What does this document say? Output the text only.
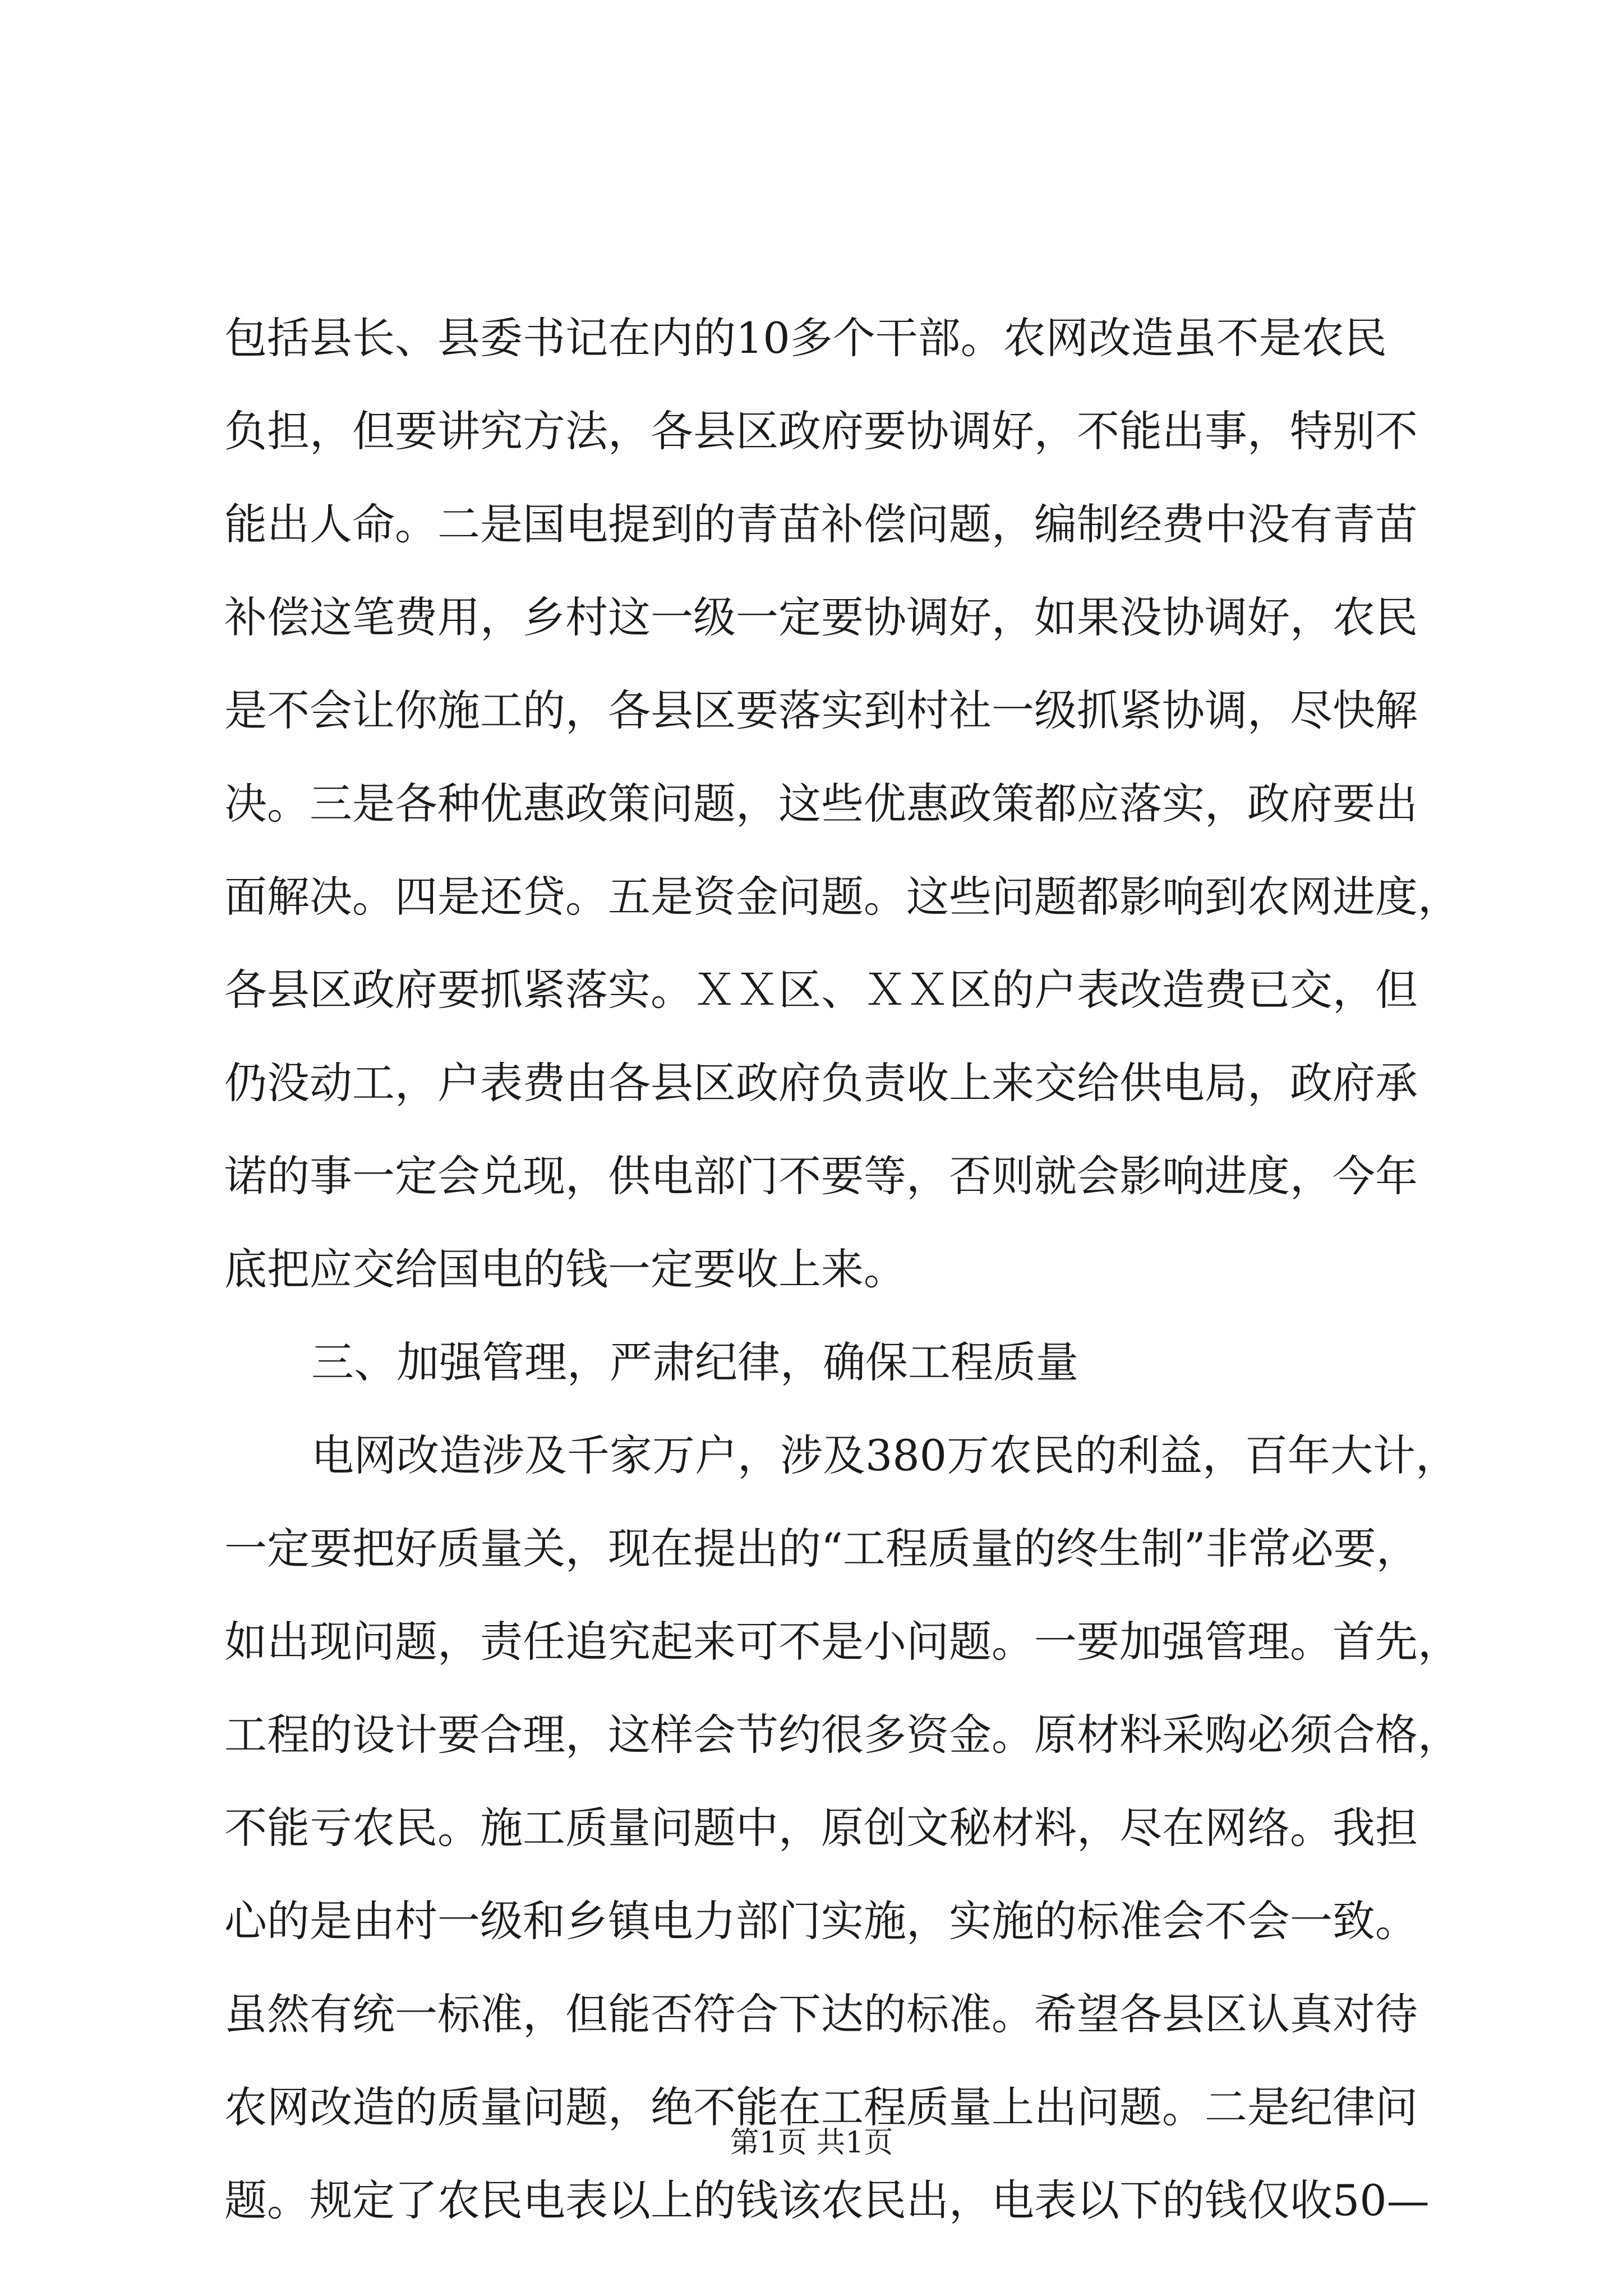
包括县长、县委书记在内的10多个干部。农网改造虽不是农民
负担，但要讲究方法，各县区政府要协调好，不能出事，特别不
能出人命。二是国电提到的青苗补偿问题，编制经费中没有青苗
补偿这笔费用，乡村这一级一定要协调好，如果没协调好，农民
是不会让你施工的，各县区要落实到村社一级抓紧协调，尽快解
决。三是各种优惠政策问题，这些优惠政策都应落实，政府要出
面解决。四是还贷。五是资金问题。这些问题都影响到农网进度，
各县区政府要抓紧落实。ＸＸ区、ＸＸ区的户表改造费已交，但
仍没动工，户表费由各县区政府负责收上来交给供电局，政府承
诺的事一定会兑现，供电部门不要等，否则就会影响进度，今年
底把应交给国电的钱一定要收上来。
三、加强管理，严肃纪律，确保工程质量
电网改造涉及千家万户，涉及380万农民的利益，百年大计，
一定要把好质量关，现在提出的“工程质量的终生制”非常必要，
如出现问题，责任追究起来可不是小问题。一要加强管理。首先，
工程的设计要合理，这样会节约很多资金。原材料采购必须合格，
不能亏农民。施工质量问题中，原创文秘材料，尽在网络。我担
心的是由村一级和乡镇电力部门实施，实施的标准会不会一致。
虽然有统一标准，但能否符合下达的标准。希望各县区认真对待
农网改造的质量问题，绝不能在工程质量上出问题。二是纪律问
题。规定了农民电表以上的钱该农民出，电表以下的钱仅收50—
第1页 共1页
